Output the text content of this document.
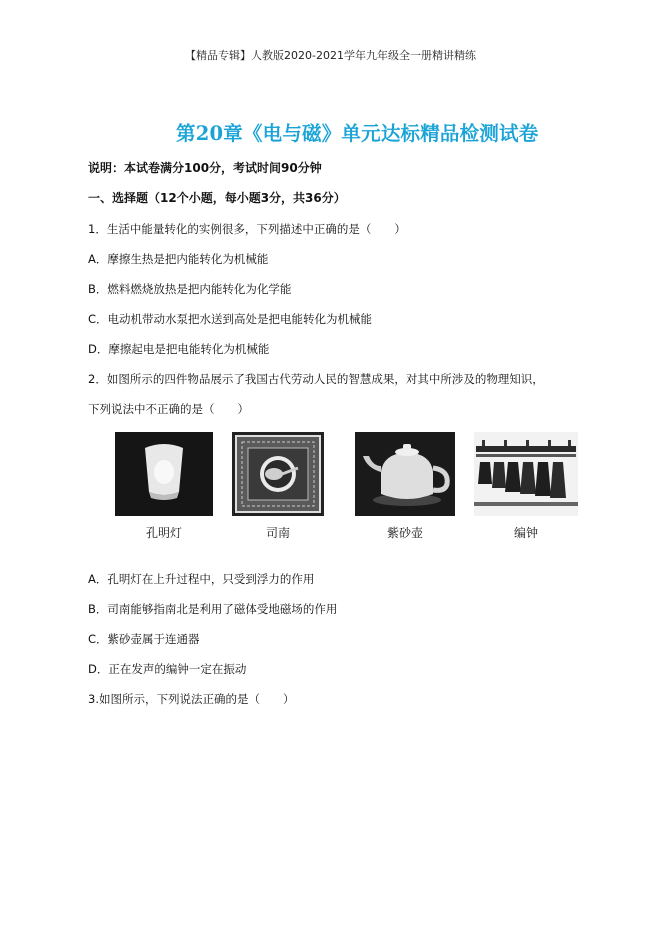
【精品专辑】人教版2020-2021学年九年级全一册精讲精练
第20章《电与磁》单元达标精品检测试卷
说明：本试卷满分100分，考试时间90分钟
一、选择题（12个小题，每小题3分，共36分）
1．生活中能量转化的实例很多，下列描述中正确的是（　　）
A．摩擦生热是把内能转化为机械能
B．燃料燃烧放热是把内能转化为化学能
C．电动机带动水泵把水送到高处是把电能转化为机械能
D．摩擦起电是把电能转化为机械能
2．如图所示的四件物品展示了我国古代劳动人民的智慧成果，对其中所涉及的物理知识，
下列说法中不正确的是（　　）
孔明灯	司南	紫砂壶	编钟
A．孔明灯在上升过程中，只受到浮力的作用
B．司南能够指南北是利用了磁体受地磁场的作用
C．紫砂壶属于连通器
D．正在发声的编钟一定在振动
3.如图所示，下列说法正确的是（　　）
